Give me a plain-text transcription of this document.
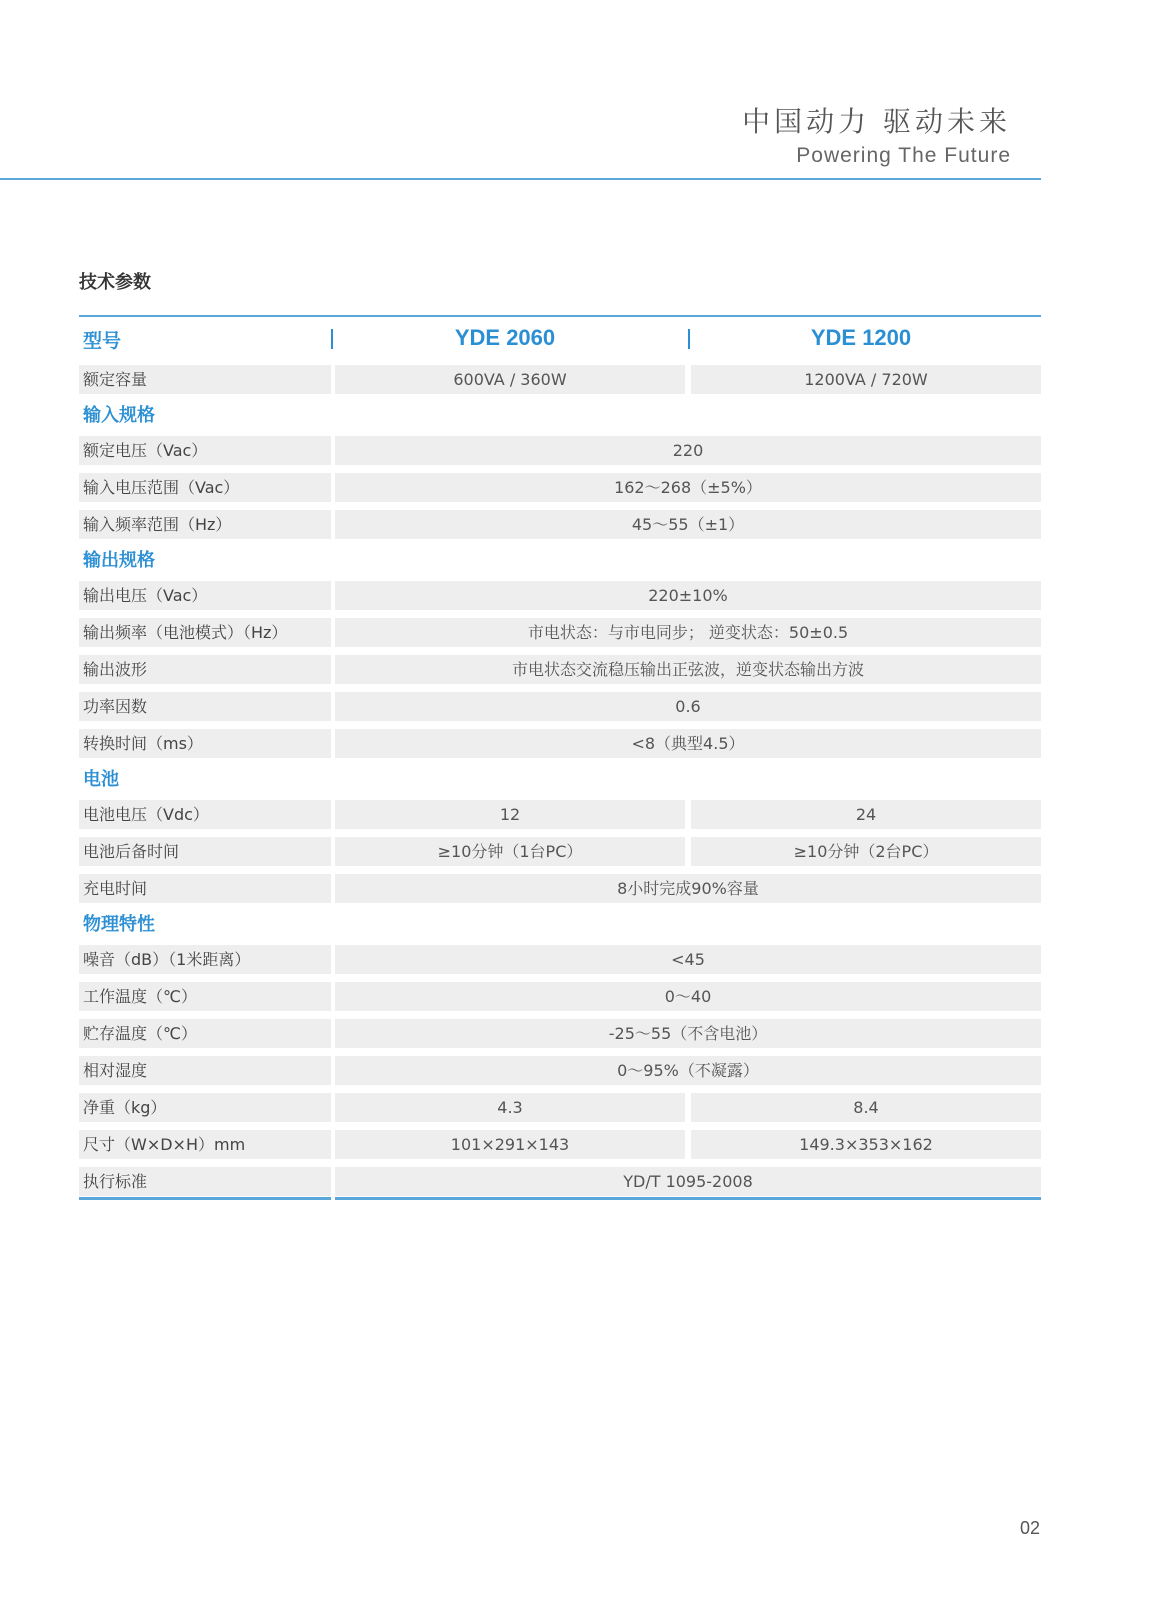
中国动力 驱动未来
Powering The Future
技术参数
型号	YDE 2060	YDE 1200
额定容量	600VA / 360W	1200VA / 720W
输入规格
额定电压（Vac）	220
输入电压范围（Vac）	162～268（±5%）
输入频率范围（Hz）	45～55（±1）
输出规格
输出电压（Vac）	220±10%
输出频率（电池模式）（Hz）	市电状态：与市电同步； 逆变状态：50±0.5
输出波形	市电状态交流稳压输出正弦波，逆变状态输出方波
功率因数	0.6
转换时间（ms）	<8（典型4.5）
电池
电池电压（Vdc）	12	24
电池后备时间	≥10分钟（1台PC）	≥10分钟（2台PC）
充电时间	8小时完成90%容量
物理特性
噪音（dB）（1米距离）	<45
工作温度（℃）	0～40
贮存温度（℃）	-25～55（不含电池）
相对湿度	0～95%（不凝露）
净重（kg）	4.3	8.4
尺寸（W×D×H）mm	101×291×143	149.3×353×162
执行标准	YD/T 1095-2008
02
